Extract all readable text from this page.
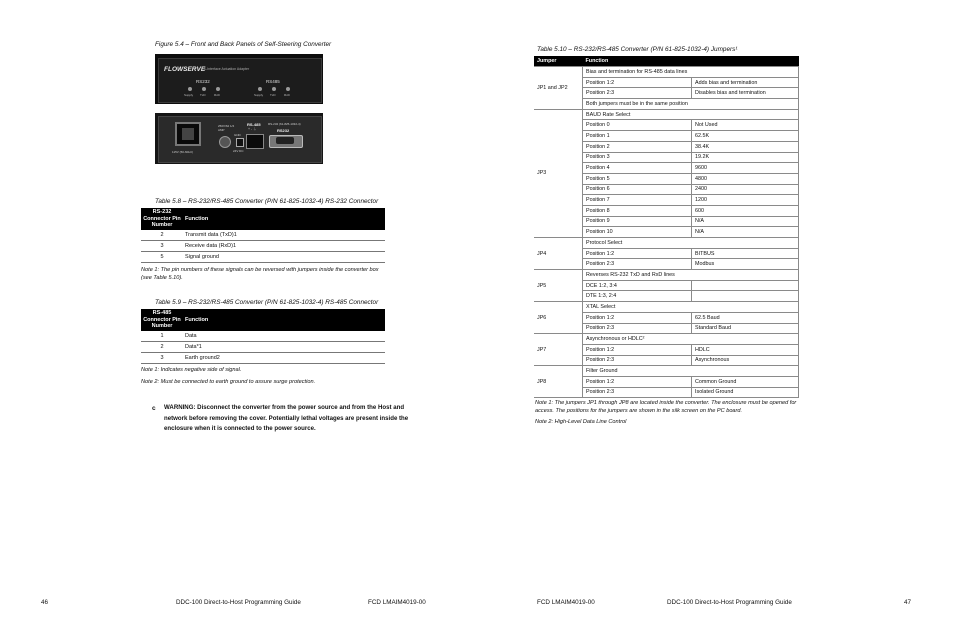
Figure 5.4 – Front and Back Panels of Self-Steering Converter
FLOWSERVE
1-Interface Actuation Adapter
RS232	RS485
Supply TxD	RxD	Supply TxD	RxD
115V (50-60Hz)
250V/62 1/4 AMP
GND
RS-485
+ - ⏚
24V DC
RS-232 (61-825-1032-4)
RS232
Table 5.8 – RS-232/RS-485 Converter (P/N 61-825-1032-4) RS-232 Connector
RS-232 Connector Pin Number	Function
2	Transmit data (TxD)1
3	Receive data (RxD)1
5	Signal ground
Note 1: The pin numbers of these signals can be reversed with jumpers inside the converter box (see Table 5.10).
Table 5.9 – RS-232/RS-485 Converter (P/N 61-825-1032-4) RS-485 Connector
RS-485 Connector Pin Number	Function
1	Data
2	Data*1
3	Earth ground2
Note 1: Indicates negative side of signal.
Note 2: Must be connected to earth ground to assure surge protection.
c WARNING: Disconnect the converter from the power source and from the Host and network before removing the cover. Potentially lethal voltages are present inside the enclosure when it is connected to the power source.
46	DDC-100 Direct-to-Host Programming Guide	FCD LMAIM4019-00
Table 5.10 – RS-232/RS-485 Converter (P/N 61-825-1032-4) Jumpers¹
Jumper	Function	
JP1 and JP2	Bias and termination for RS-485 data lines	
	Position 1:2	Adds bias and termination
	Position 2:3	Disables bias and termination
	Both jumpers must be in the same position	
JP3	BAUD Rate Select	
	Position 0	Not Used
	Position 1	62.5K
	Position 2	38.4K
	Position 3	19.2K
	Position 4	9600
	Position 5	4800
	Position 6	2400
	Position 7	1200
	Position 8	600
	Position 9	N/A
	Position 10	N/A
JP4	Protocol Select	
	Position 1:2	BITBUS
	Position 2:3	Modbus
JP5	Reverses RS-232 TxD and RxD lines	
	DCE 1:2, 3:4	
	DTE 1:3, 2:4	
JP6	XTAL Select	
	Position 1:2	62.5 Baud
	Position 2:3	Standard Baud
JP7	Asynchronous or HDLC²	
	Position 1:2	HDLC
	Position 2:3	Asynchronous
JP8	Filter Ground	
	Position 1:2	Common Ground
	Position 2:3	Isolated Ground
Note 1: The jumpers JP1 through JP8 are located inside the converter. The enclosure must be opened for access. The positions for the jumpers are shown in the silk screen on the PC board.
Note 2: High-Level Data Line Control
FCD LMAIM4019-00	DDC-100 Direct-to-Host Programming Guide	47
